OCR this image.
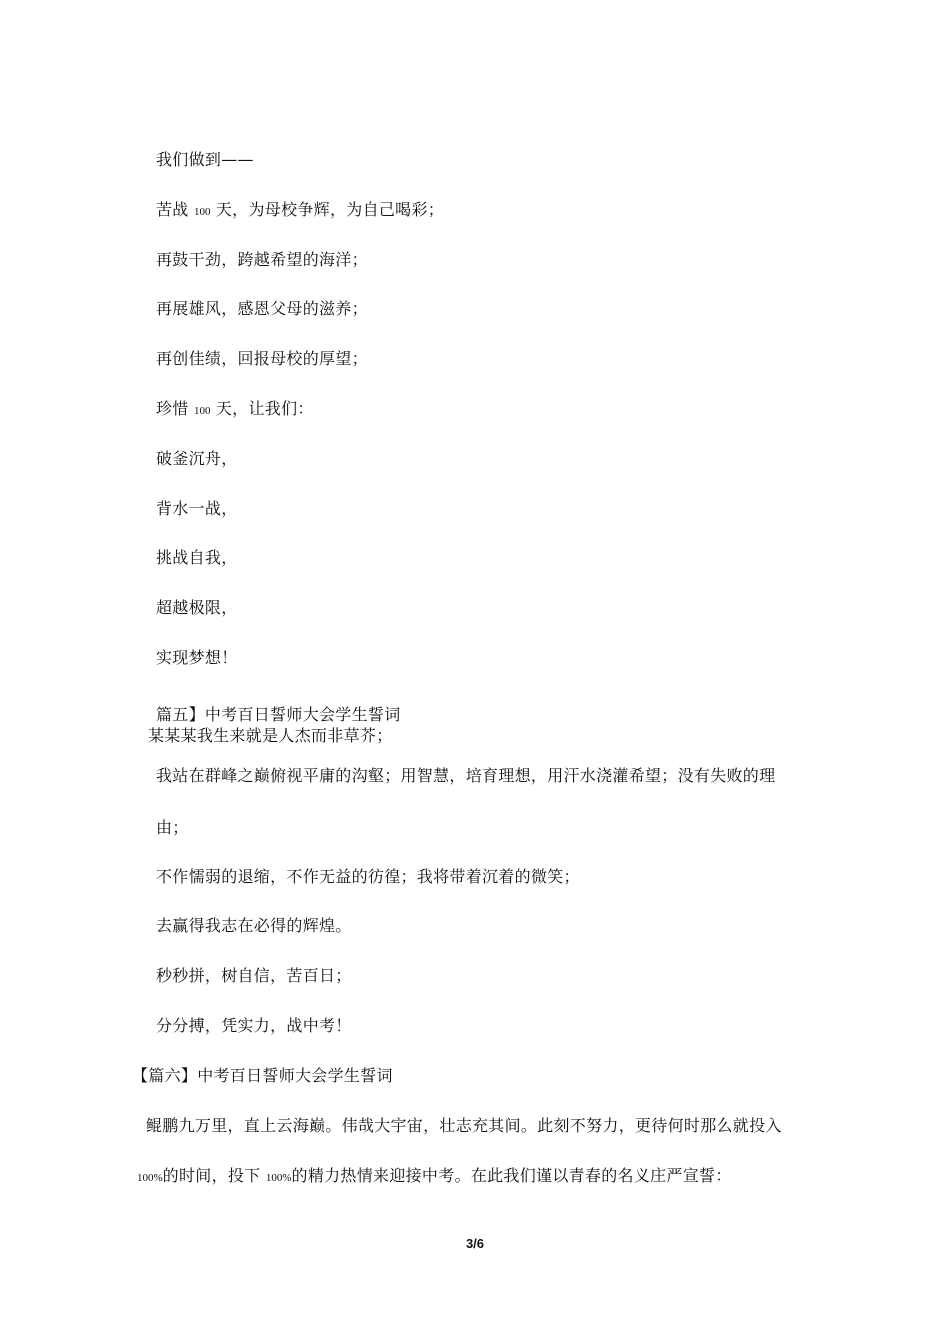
我们做到——
苦战 100 天，为母校争辉，为自己喝彩；
再鼓干劲，跨越希望的海洋；
再展雄风，感恩父母的滋养；
再创佳绩，回报母校的厚望；
珍惜 100 天，让我们：
破釜沉舟，
背水一战，
挑战自我，
超越极限，
实现梦想！
篇五】中考百日誓师大会学生誓词
某某某我生来就是人杰而非草芥；
我站在群峰之巅俯视平庸的沟壑；用智慧，培育理想，用汗水浇灌希望；没有失败的理
由；
不作懦弱的退缩，不作无益的彷徨；我将带着沉着的微笑；
去赢得我志在必得的辉煌。
秒秒拼，树自信，苦百日；
分分搏，凭实力，战中考！
【篇六】中考百日誓师大会学生誓词
鲲鹏九万里，直上云海巅。伟哉大宇宙，壮志充其间。此刻不努力，更待何时那么就投入
100%的时间，投下 100%的精力热情来迎接中考。在此我们谨以青春的名义庄严宣誓：
3/6
